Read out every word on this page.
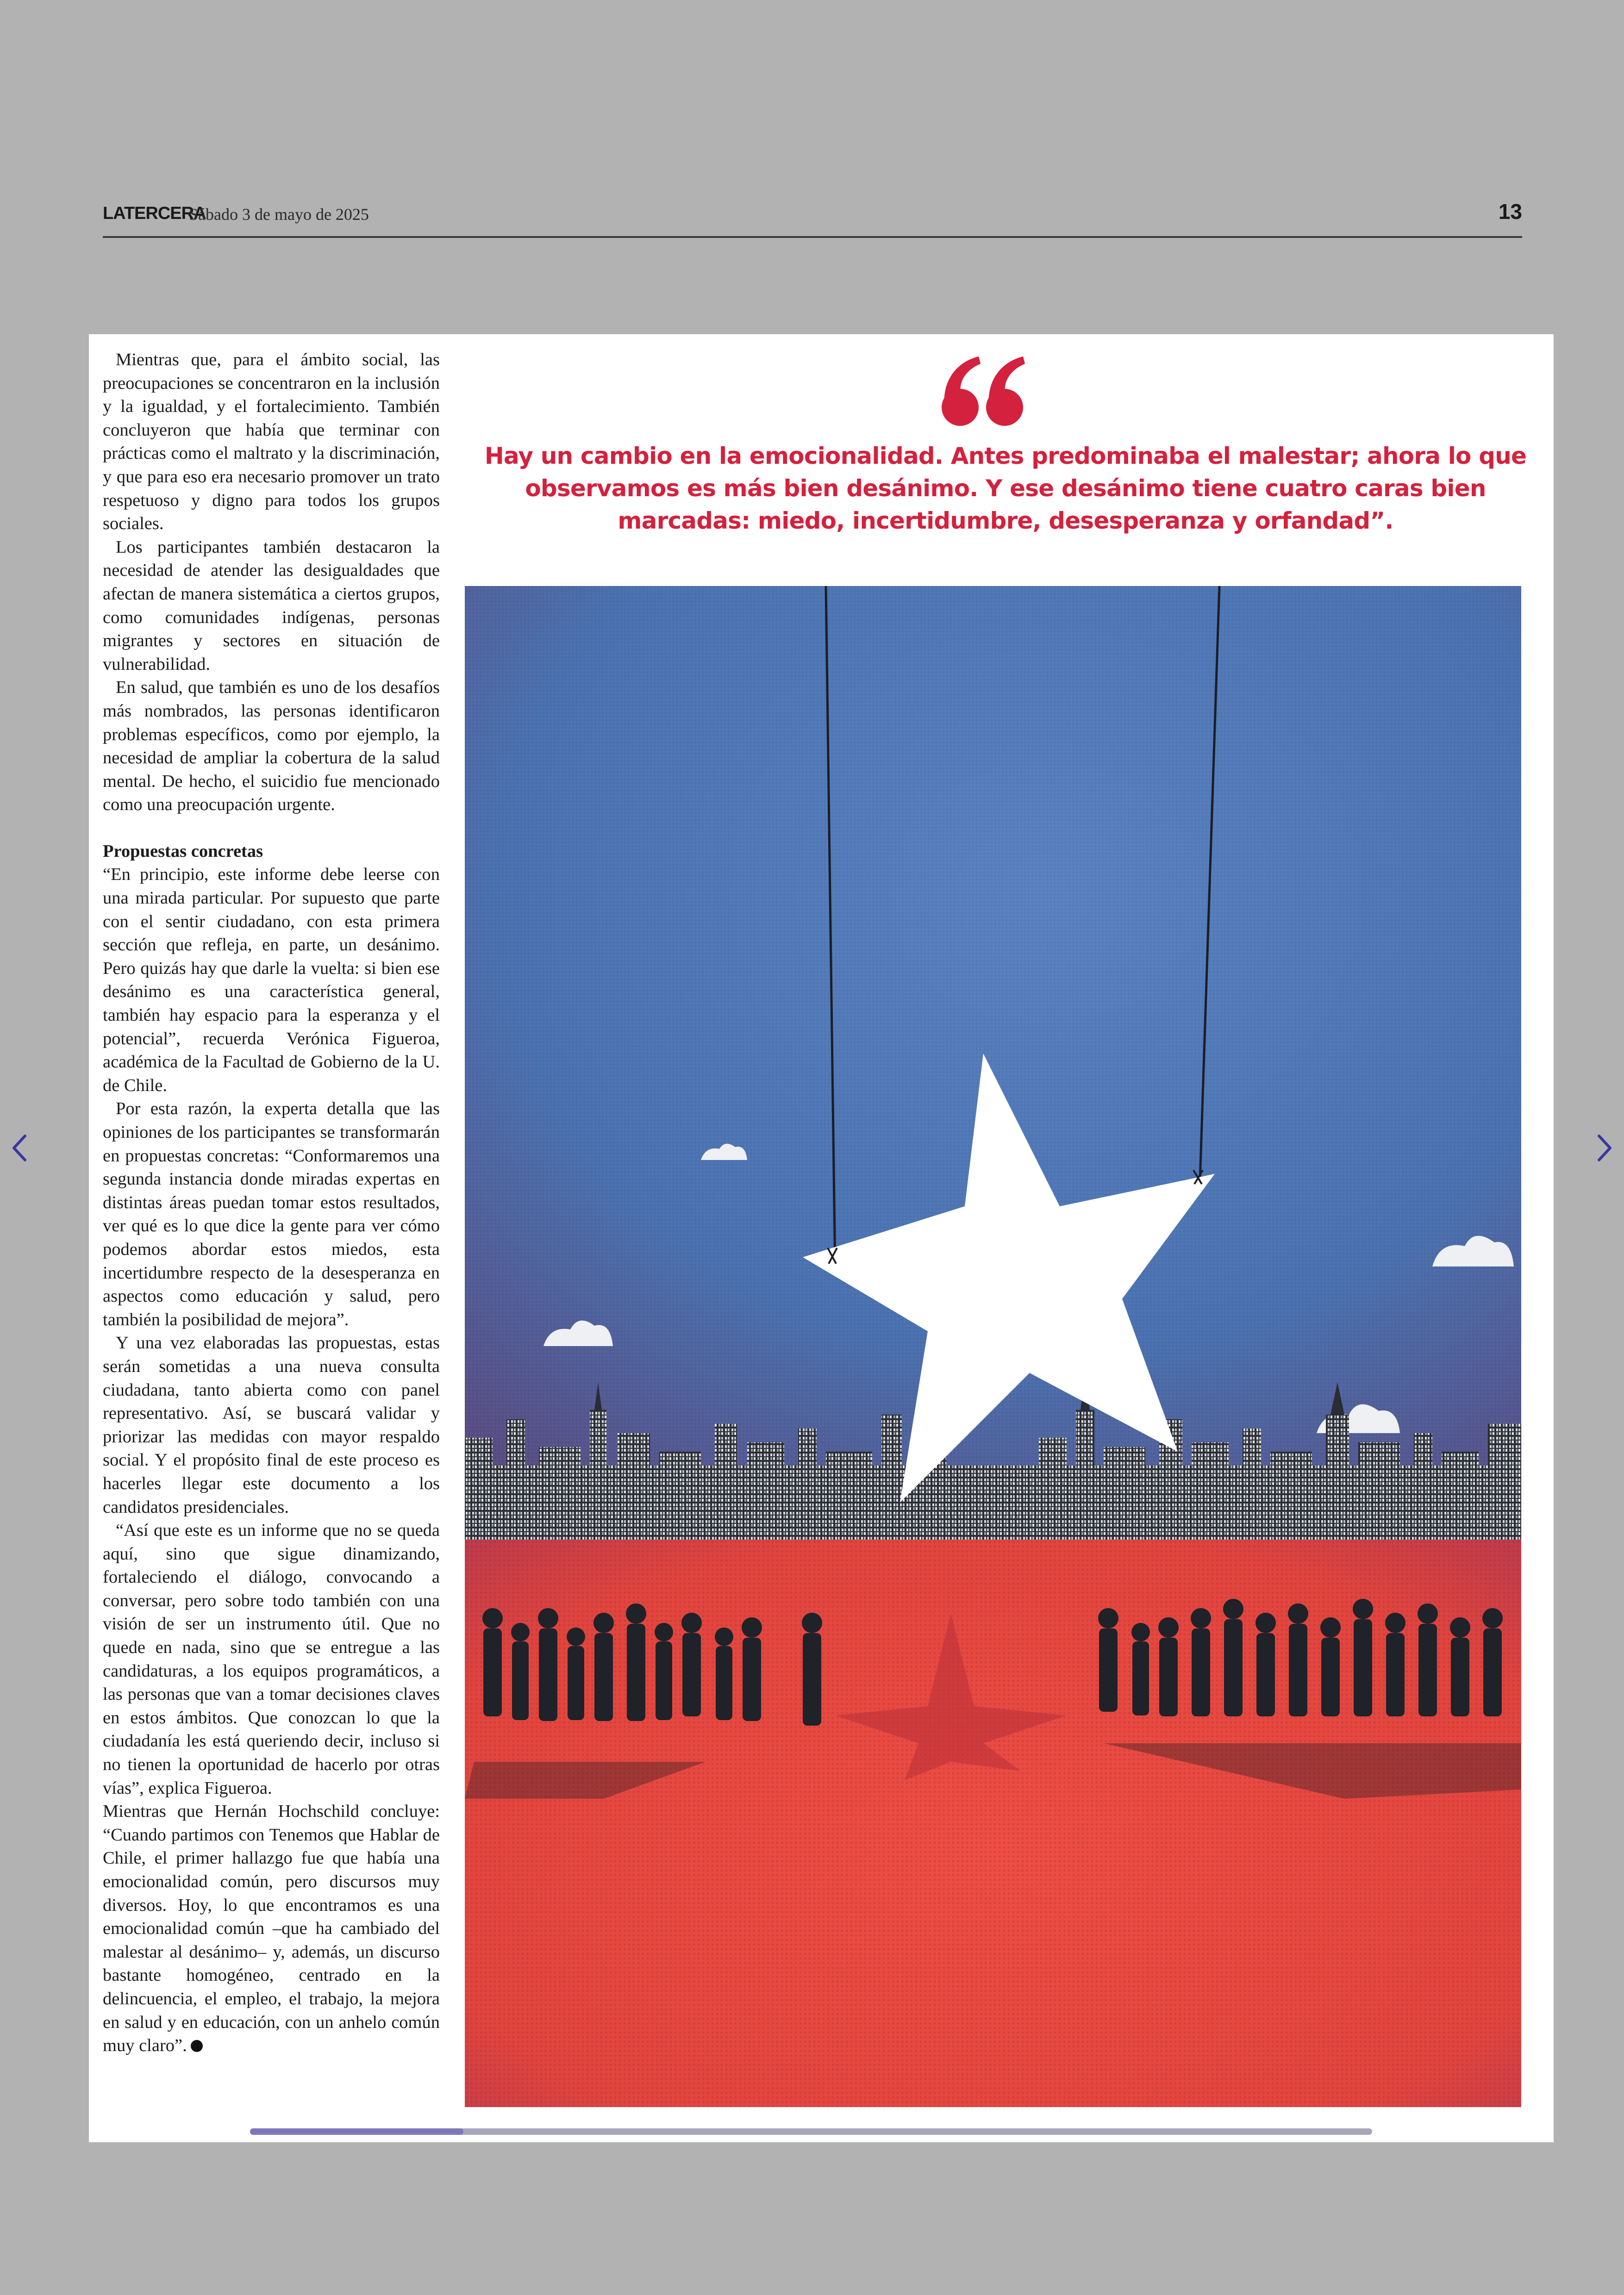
LATERCERA
Sábado 3 de mayo de 2025	13

Mientras que, para el ámbito social, las preocupaciones se concentraron en la inclusión y la igualdad, y el fortalecimiento. También concluyeron que había que terminar con prácticas como el maltrato y la discriminación, y que para eso era necesario promover un trato respetuoso y digno para todos los grupos sociales.

Los participantes también destacaron la necesidad de atender las desigualdades que afectan de manera sistemática a ciertos grupos, como comunidades indígenas, personas migrantes y sectores en situación de vulnerabilidad.

En salud, que también es uno de los desafíos más nombrados, las personas identificaron problemas específicos, como por ejemplo, la necesidad de ampliar la cobertura de la salud mental. De hecho, el suicidio fue mencionado como una preocupación urgente.

Propuestas concretas

“En principio, este informe debe leerse con una mirada particular. Por supuesto que parte con el sentir ciudadano, con esta primera sección que refleja, en parte, un desánimo. Pero quizás hay que darle la vuelta: si bien ese desánimo es una característica general, también hay espacio para la esperanza y el potencial”, recuerda Verónica Figueroa, académica de la Facultad de Gobierno de la U. de Chile.

Por esta razón, la experta detalla que las opiniones de los participantes se transformarán en propuestas concretas: “Conformaremos una segunda instancia donde miradas expertas en distintas áreas puedan tomar estos resultados, ver qué es lo que dice la gente para ver cómo podemos abordar estos miedos, esta incertidumbre respecto de la desesperanza en aspectos como educación y salud, pero también la posibilidad de mejora”.

Y una vez elaboradas las propuestas, estas serán sometidas a una nueva consulta ciudadana, tanto abierta como con panel representativo. Así, se buscará validar y priorizar las medidas con mayor respaldo social. Y el propósito final de este proceso es hacerles llegar este documento a los candidatos presidenciales.

“Así que este es un informe que no se queda aquí, sino que sigue dinamizando, fortaleciendo el diálogo, convocando a conversar, pero sobre todo también con una visión de ser un instrumento útil. Que no quede en nada, sino que se entregue a las candidaturas, a los equipos programáticos, a las personas que van a tomar decisiones claves en estos ámbitos. Que conozcan lo que la ciudadanía les está queriendo decir, incluso si no tienen la oportunidad de hacerlo por otras vías”, explica Figueroa.

Mientras que Hernán Hochschild concluye: “Cuando partimos con Tenemos que Hablar de Chile, el primer hallazgo fue que había una emocionalidad común, pero discursos muy diversos. Hoy, lo que encontramos es una emocionalidad común –que ha cambiado del malestar al desánimo– y, además, un discurso bastante homogéneo, centrado en la delincuencia, el empleo, el trabajo, la mejora en salud y en educación, con un anhelo común muy claro”.

Hay un cambio en la emocionalidad. Antes predominaba el malestar; ahora lo que observamos es más bien desánimo. Y ese desánimo tiene cuatro caras bien marcadas: miedo, incertidumbre, desesperanza y orfandad”.
